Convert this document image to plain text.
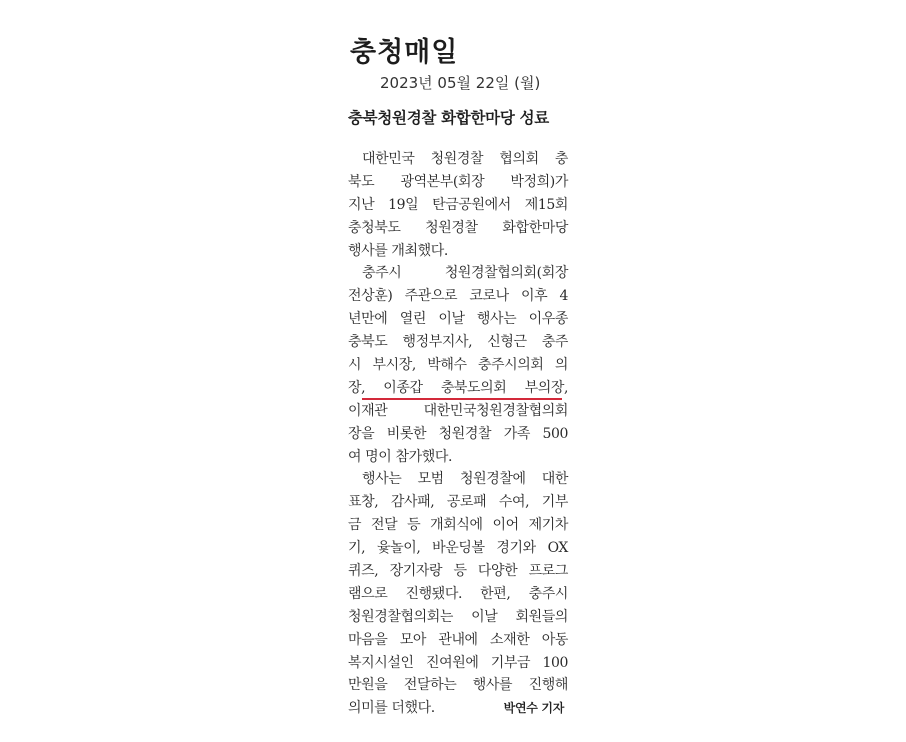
충청매일
2023년 05월 22일 (월)
충북청원경찰 화합한마당 성료
대한민국 청원경찰 협의회 충
북도 광역본부(회장 박정희)가
지난 19일 탄금공원에서 제15회
충청북도 청원경찰 화합한마당
행사를 개최했다.
충주시 청원경찰협의회(회장
전상훈) 주관으로 코로나 이후 4
년만에 열린 이날 행사는 이우종
충북도 행정부지사, 신형근 충주
시 부시장, 박해수 충주시의회 의
장, 이종갑 충북도의회 부의장,
이재관 대한민국청원경찰협의회
장을 비롯한 청원경찰 가족 500
여 명이 참가했다.
행사는 모범 청원경찰에 대한
표창, 감사패, 공로패 수여, 기부
금 전달 등 개회식에 이어 제기차
기, 윷놀이, 바운딩볼 경기와 OX
퀴즈, 장기자랑 등 다양한 프로그
램으로 진행됐다. 한편, 충주시
청원경찰협의회는 이날 회원들의
마음을 모아 관내에 소재한 아동
복지시설인 진여원에 기부금 100
만원을 전달하는 행사를 진행해
의미를 더했다.	박연수 기자
